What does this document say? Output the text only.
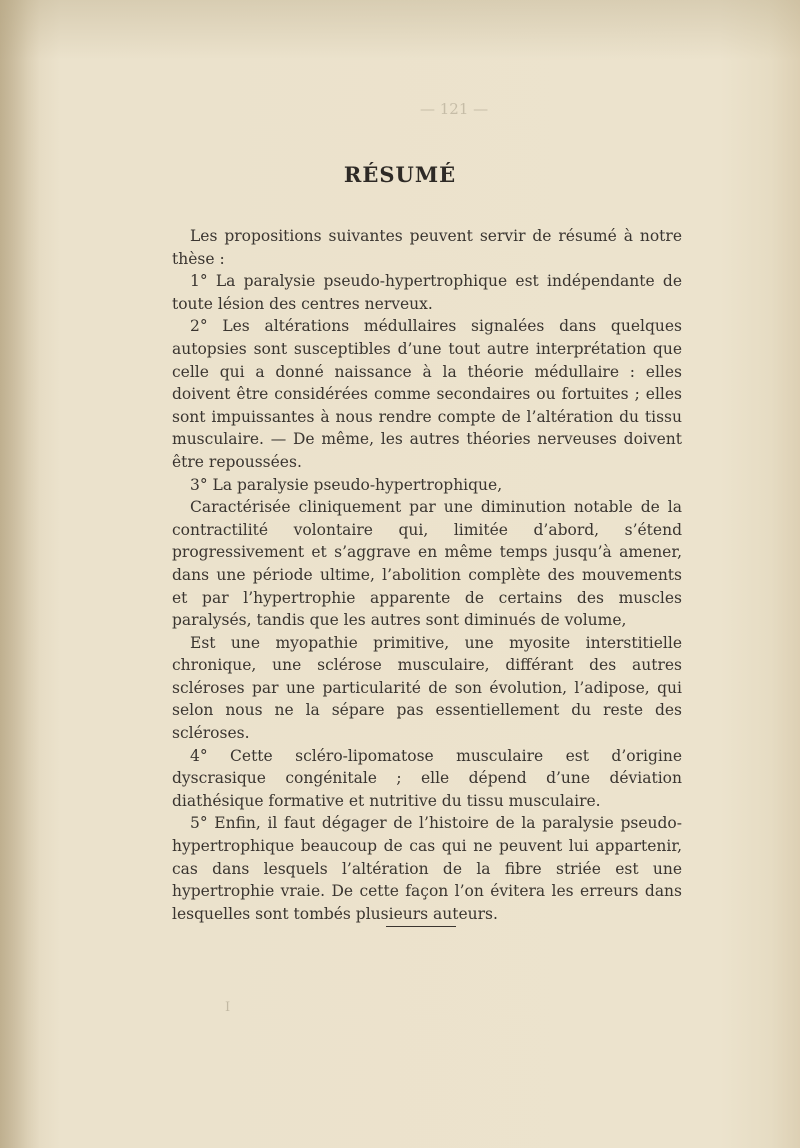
— 121 —
RÉSUMÉ

Les propositions suivantes peuvent servir de résumé à notre thèse :

1° La paralysie pseudo-hypertrophique est indépendante de toute lésion des centres nerveux.

2° Les altérations médullaires signalées dans quelques autopsies sont susceptibles d’une tout autre interprétation que celle qui a donné naissance à la théorie médullaire : elles doivent être considérées comme secondaires ou fortuites ; elles sont impuissantes à nous rendre compte de l’altération du tissu musculaire. — De même, les autres théories nerveuses doivent être repoussées.

3° La paralysie pseudo-hypertrophique,

Caractérisée cliniquement par une diminution notable de la contractilité volontaire qui, limitée d’abord, s’étend progressivement et s’aggrave en même temps jusqu’à amener, dans une période ultime, l’abolition complète des mouvements et par l’hypertrophie apparente de certains des muscles paralysés, tandis que les autres sont diminués de volume,

Est une myopathie primitive, une myosite interstitielle chronique, une sclérose musculaire, différant des autres scléroses par une particularité de son évolution, l’adipose, qui selon nous ne la sépare pas essentiellement du reste des scléroses.

4° Cette scléro-lipomatose musculaire est d’origine dyscrasique congénitale ; elle dépend d’une déviation diathésique formative et nutritive du tissu musculaire.

5° Enfin, il faut dégager de l’histoire de la paralysie pseudo-hypertrophique beaucoup de cas qui ne peuvent lui appartenir, cas dans lesquels l’altération de la fibre striée est une hypertrophie vraie. De cette façon l’on évitera les erreurs dans lesquelles sont tombés plusieurs auteurs.

I
